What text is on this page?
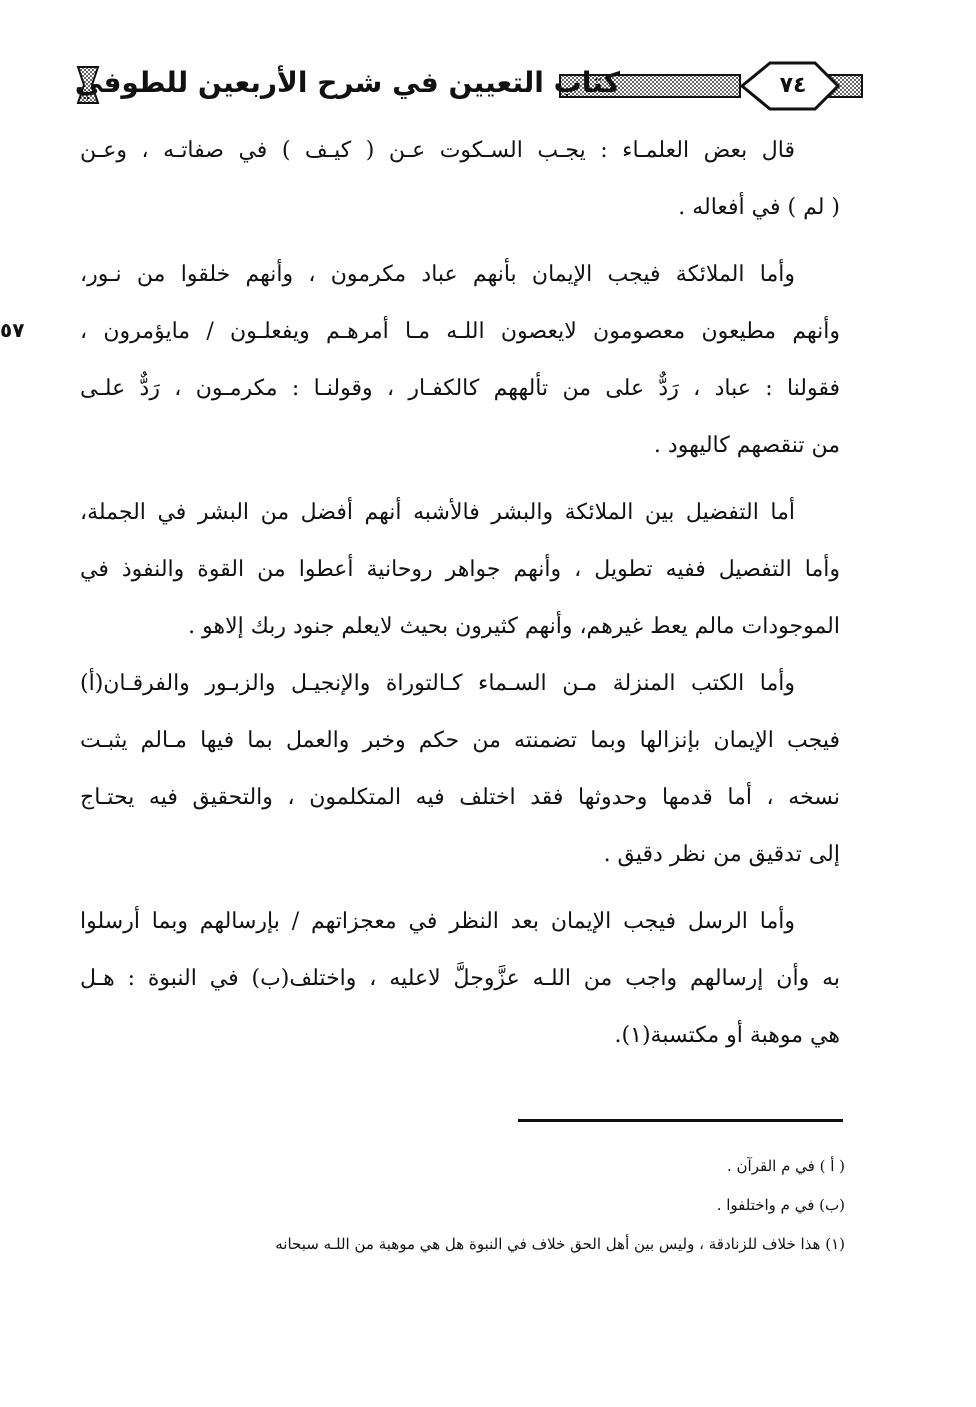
كتاب التعيين في شرح الأربعين للطوفي	٧٤
٥٧
قال بعض العلمـاء : يجـب السـكوت عـن ( كيـف ) في صفاتـه ، وعـن
( لم ) في أفعاله .
وأما الملائكة فيجب الإيمان بأنهم عباد مكرمون ، وأنهم خلقوا من نـور،
وأنهم مطيعون معصومون لايعصون اللـه مـا أمرهـم ويفعلـون / مايؤمرون ،
فقولنا : عباد ، رَدٌّ على من تألههم كالكفـار ، وقولنـا : مكرمـون ، رَدٌّ علـى
من تنقصهم كاليهود .
أما التفضيل بين الملائكة والبشر فالأشبه أنهم أفضل من البشر في الجملة،
وأما التفصيل ففيه تطويل ، وأنهم جواهر روحانية أعطوا من القوة والنفوذ في
الموجودات مالم يعط غيرهم، وأنهم كثيرون بحيث لايعلم جنود ربك إلاهو .
وأما الكتب المنزلة مـن السـماء كـالتوراة والإنجيـل والزبـور والفرقـان(أ)
فيجب الإيمان بإنزالها وبما تضمنته من حكم وخبر والعمل بما فيها مـالم يثبـت
نسخه ، أما قدمها وحدوثها فقد اختلف فيه المتكلمون ، والتحقيق فيه يحتـاج
إلى تدقيق من نظر دقيق .
وأما الرسل فيجب الإيمان بعد النظر في معجزاتهم / بإرسالهم وبما أرسلوا
به وأن إرسالهم واجب من اللـه عزَّوجلَّ لاعليه ، واختلف(ب) في النبوة : هـل
هي موهبة أو مكتسبة(١).
( أ ) في م القرآن .
(ب) في م واختلفوا .
(١) هذا خلاف للزنادقة ، وليس بين أهل الحق خلاف في النبوة هل هي موهبة من اللـه سبحانه
